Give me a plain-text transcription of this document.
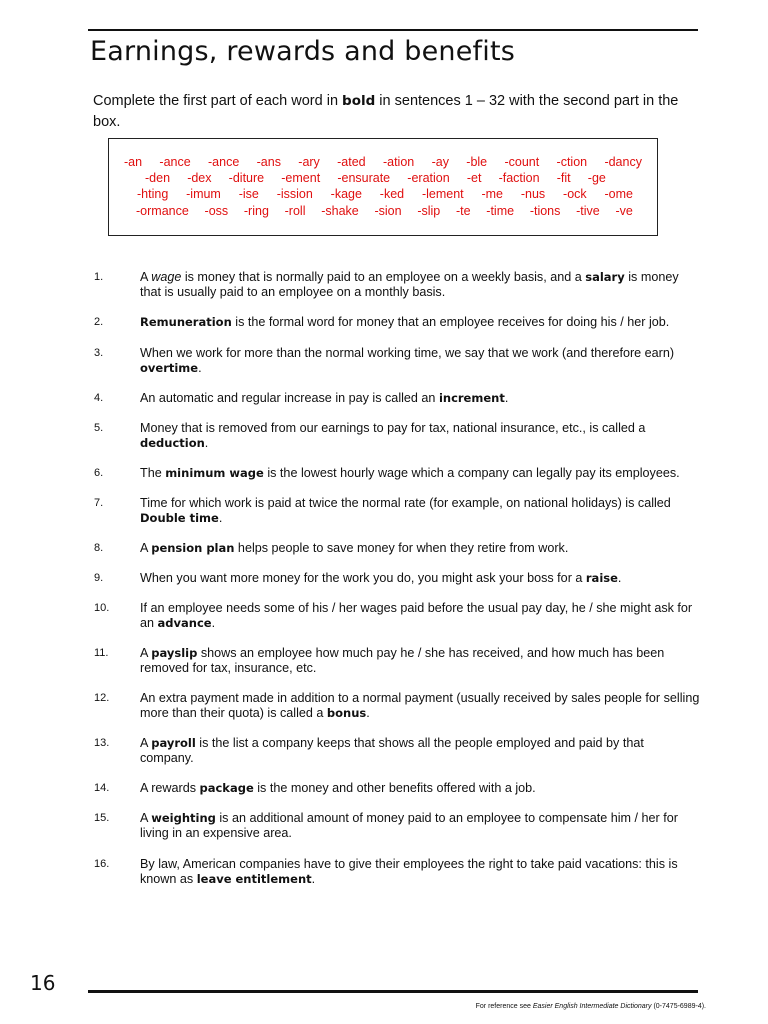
Earnings, rewards and benefits
Complete the first part of each word in bold in sentences 1 – 32 with the second part in the box.
-an -ance -ance -ans -ary -ated -ation -ay -ble -count -ction -dancy
-den -dex -diture -ement -ensurate -eration -et -faction -fit -ge
-hting -imum -ise -ission -kage -ked -lement -me -nus -ock -ome
-ormance -oss -ring -roll -shake -sion -slip -te -time -tions -tive -ve
1.	A wage is money that is normally paid to an employee on a weekly basis, and a salary is money that is usually paid to an employee on a monthly basis.
2.	Remuneration is the formal word for money that an employee receives for doing his / her job.
3.	When we work for more than the normal working time, we say that we work (and therefore earn) overtime.
4.	An automatic and regular increase in pay is called an increment.
5.	Money that is removed from our earnings to pay for tax, national insurance, etc., is called a deduction.
6.	The minimum wage is the lowest hourly wage which a company can legally pay its employees.
7.	Time for which work is paid at twice the normal rate (for example, on national holidays) is called Double time.
8.	A pension plan helps people to save money for when they retire from work.
9.	When you want more money for the work you do, you might ask your boss for a raise.
10. If an employee needs some of his / her wages paid before the usual pay day, he / she might ask for an advance.
11.	A payslip shows an employee how much pay he / she has received, and how much has been removed for tax, insurance, etc.
12. An extra payment made in addition to a normal payment (usually received by sales people for selling more than their quota) is called a bonus.
13. A payroll is the list a company keeps that shows all the people employed and paid by that company.
14. A rewards package is the money and other benefits offered with a job.
15. A weighting is an additional amount of money paid to an employee to compensate him / her for living in an expensive area.
16. By law, American companies have to give their employees the right to take paid vacations: this is known as leave entitlement.
16
For reference see Easier English Intermediate Dictionary (0-7475-6989-4).
